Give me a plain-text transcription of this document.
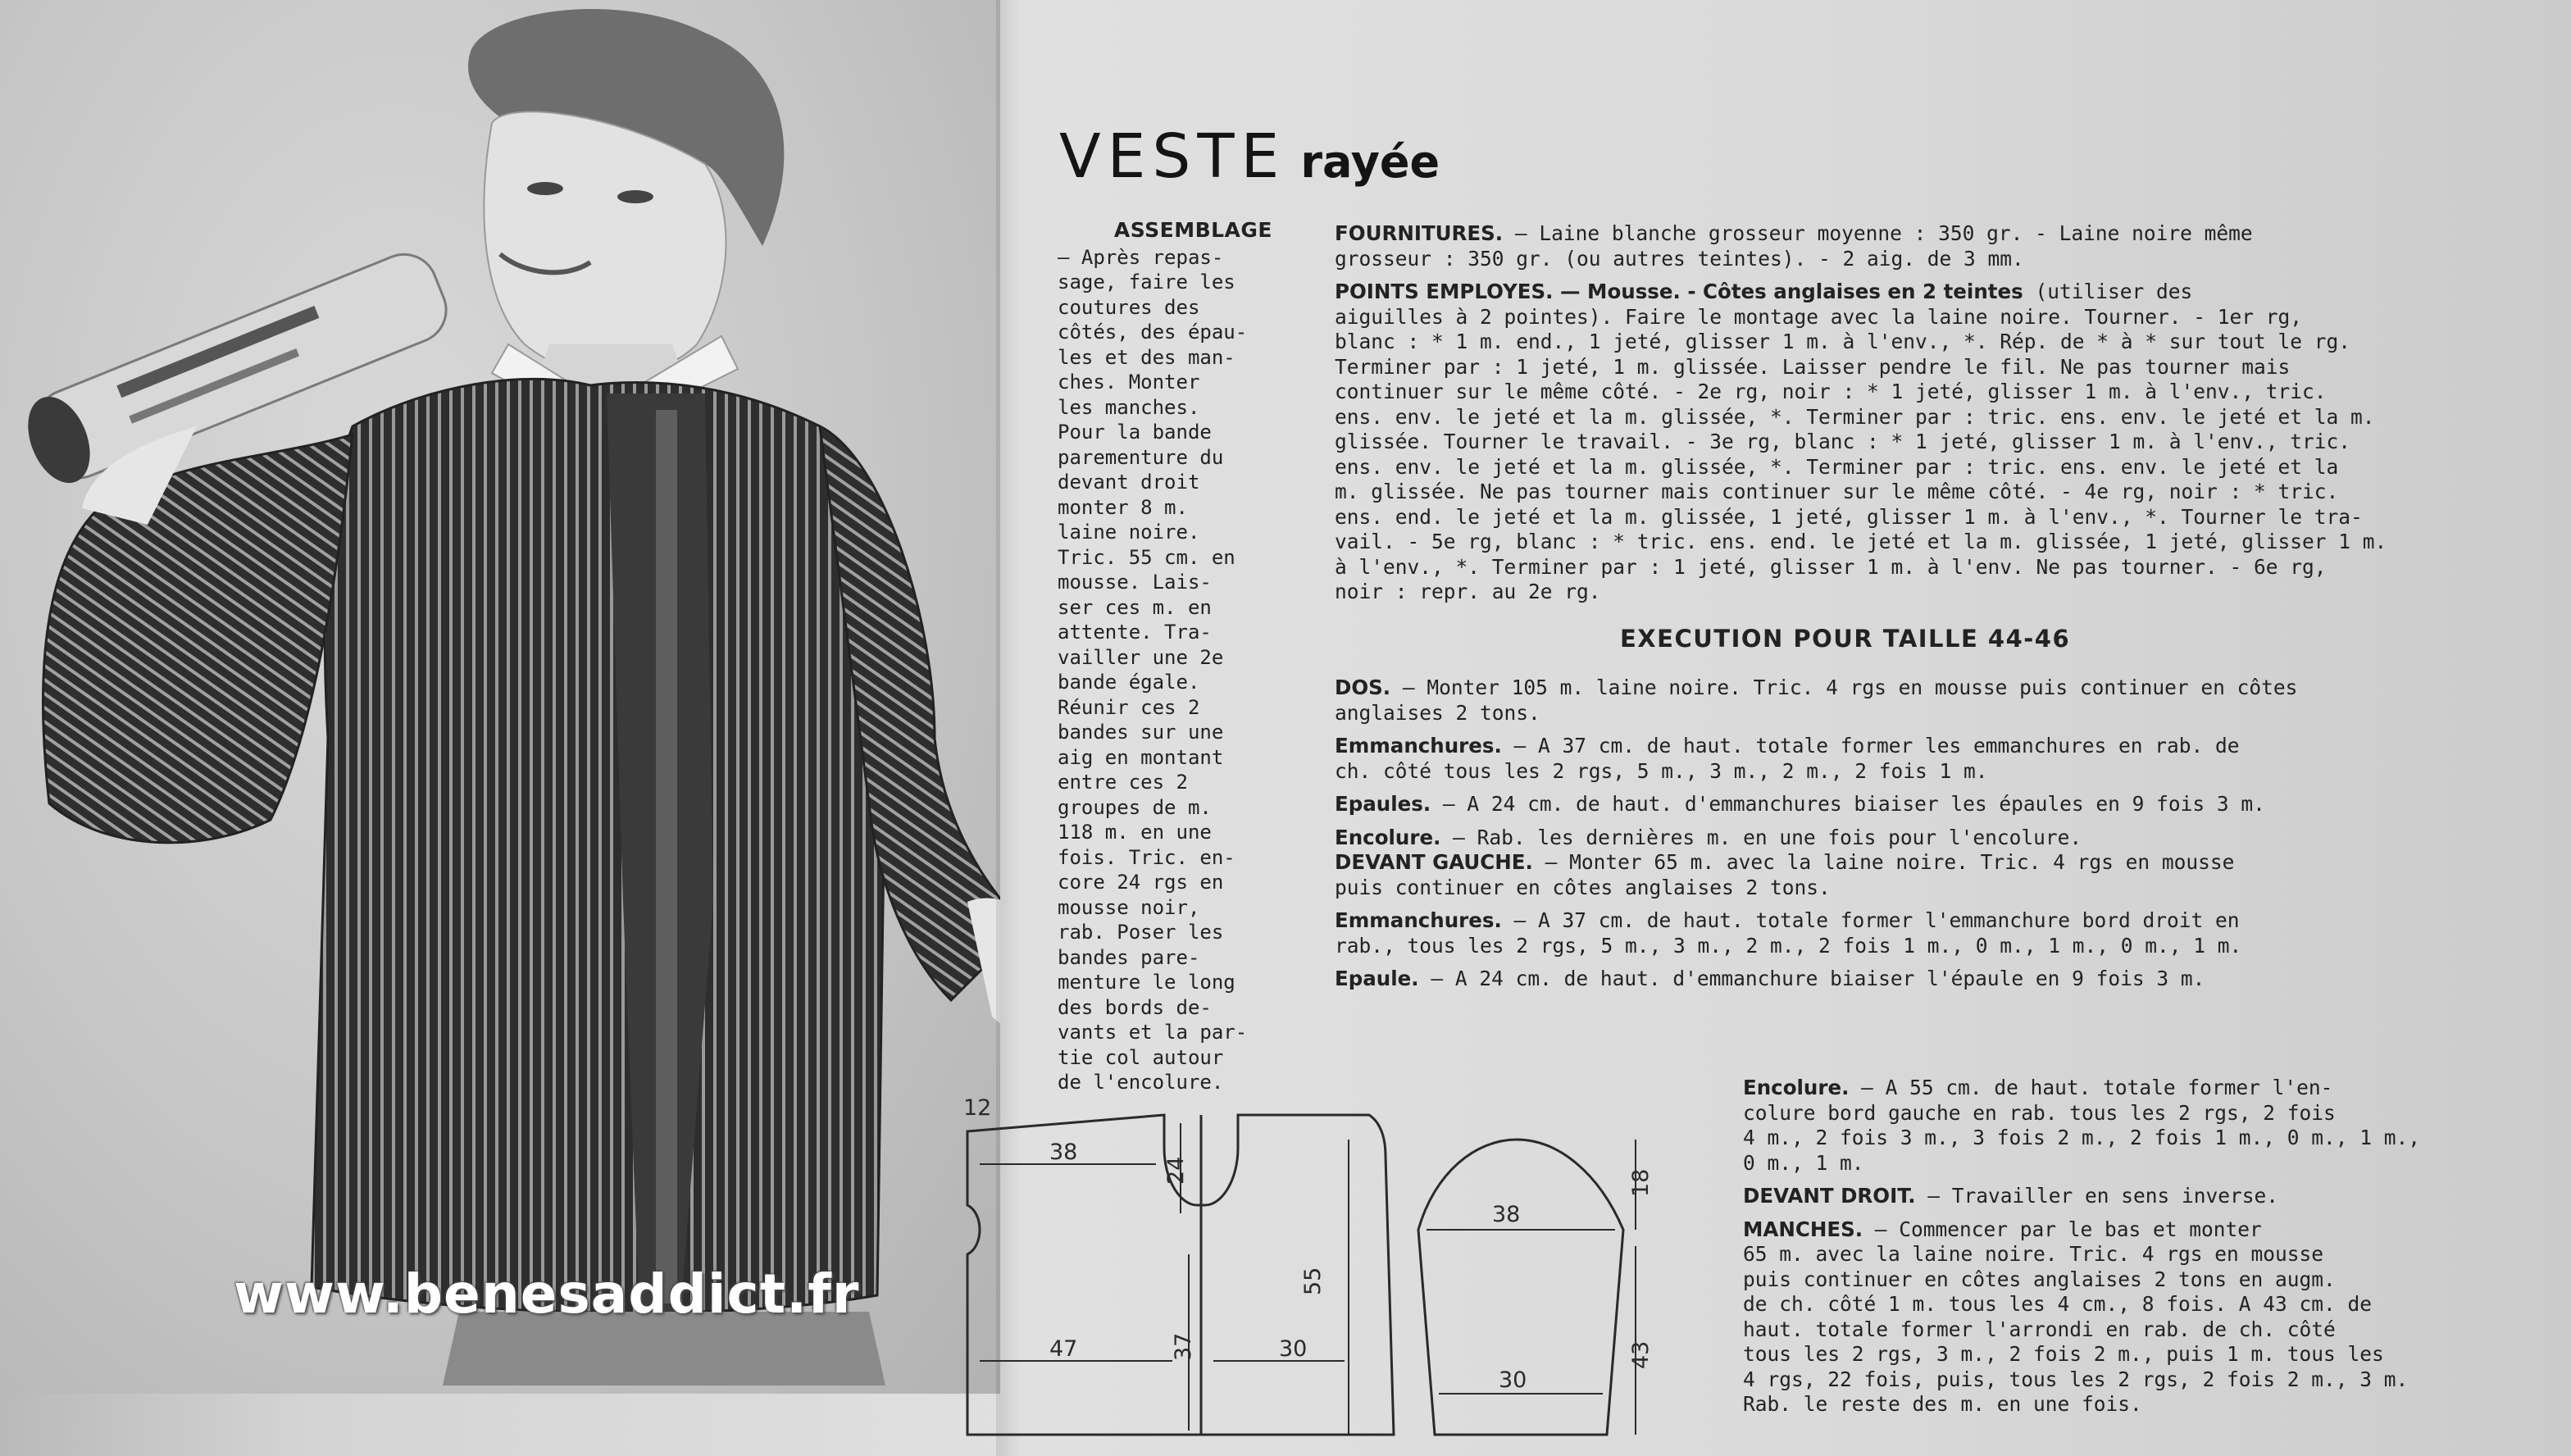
www.benesaddict.fr
VESTE rayée
ASSEMBLAGE
— Après repas-
sage, faire les
coutures des
côtés, des épau-
les et des man-
ches. Monter
les manches.
Pour la bande
parementure du
devant droit
monter 8 m.
laine noire.
Tric. 55 cm. en
mousse. Lais-
ser ces m. en
attente. Tra-
vailler une 2e
bande égale.
Réunir ces 2
bandes sur une
aig en montant
entre ces 2
groupes de m.
118 m. en une
fois. Tric. en-
core 24 rgs en
mousse noir,
rab. Poser les
bandes pare-
menture le long
des bords de-
vants et la par-
tie col autour
de l'encolure.
FOURNITURES. — Laine blanche grosseur moyenne : 350 gr. - Laine noire même
grosseur : 350 gr. (ou autres teintes). - 2 aig. de 3 mm.
POINTS EMPLOYES. — Mousse. - Côtes anglaises en 2 teintes (utiliser des
aiguilles à 2 pointes). Faire le montage avec la laine noire. Tourner. - 1er rg,
blanc : * 1 m. end., 1 jeté, glisser 1 m. à l'env., *. Rép. de * à * sur tout le rg.
Terminer par : 1 jeté, 1 m. glissée. Laisser pendre le fil. Ne pas tourner mais
continuer sur le même côté. - 2e rg, noir : * 1 jeté, glisser 1 m. à l'env., tric.
ens. env. le jeté et la m. glissée, *. Terminer par : tric. ens. env. le jeté et la m.
glissée. Tourner le travail. - 3e rg, blanc : * 1 jeté, glisser 1 m. à l'env., tric.
ens. env. le jeté et la m. glissée, *. Terminer par : tric. ens. env. le jeté et la
m. glissée. Ne pas tourner mais continuer sur le même côté. - 4e rg, noir : * tric.
ens. end. le jeté et la m. glissée, 1 jeté, glisser 1 m. à l'env., *. Tourner le tra-
vail. - 5e rg, blanc : * tric. ens. end. le jeté et la m. glissée, 1 jeté, glisser 1 m.
à l'env., *. Terminer par : 1 jeté, glisser 1 m. à l'env. Ne pas tourner. - 6e rg,
noir : repr. au 2e rg.
EXECUTION POUR TAILLE 44-46
DOS. — Monter 105 m. laine noire. Tric. 4 rgs en mousse puis continuer en côtes
anglaises 2 tons.
Emmanchures. — A 37 cm. de haut. totale former les emmanchures en rab. de
ch. côté tous les 2 rgs, 5 m., 3 m., 2 m., 2 fois 1 m.
Epaules. — A 24 cm. de haut. d'emmanchures biaiser les épaules en 9 fois 3 m.
Encolure. — Rab. les dernières m. en une fois pour l'encolure.
DEVANT GAUCHE. — Monter 65 m. avec la laine noire. Tric. 4 rgs en mousse
puis continuer en côtes anglaises 2 tons.
Emmanchures. — A 37 cm. de haut. totale former l'emmanchure bord droit en
rab., tous les 2 rgs, 5 m., 3 m., 2 m., 2 fois 1 m., 0 m., 1 m., 0 m., 1 m.
Epaule. — A 24 cm. de haut. d'emmanchure biaiser l'épaule en 9 fois 3 m.
Encolure. — A 55 cm. de haut. totale former l'en-
colure bord gauche en rab. tous les 2 rgs, 2 fois
4 m., 2 fois 3 m., 3 fois 2 m., 2 fois 1 m., 0 m., 1 m.,
0 m., 1 m.
DEVANT DROIT. — Travailler en sens inverse.
MANCHES. — Commencer par le bas et monter
65 m. avec la laine noire. Tric. 4 rgs en mousse
puis continuer en côtes anglaises 2 tons en augm.
de ch. côté 1 m. tous les 4 cm., 8 fois. A 43 cm. de
haut. totale former l'arrondi en rab. de ch. côté
tous les 2 rgs, 3 m., 2 fois 2 m., puis 1 m. tous les
4 rgs, 22 fois, puis, tous les 2 rgs, 2 fois 2 m., 3 m.
Rab. le reste des m. en une fois.
12
38
24
55
47	37	30
18
38
30
43
